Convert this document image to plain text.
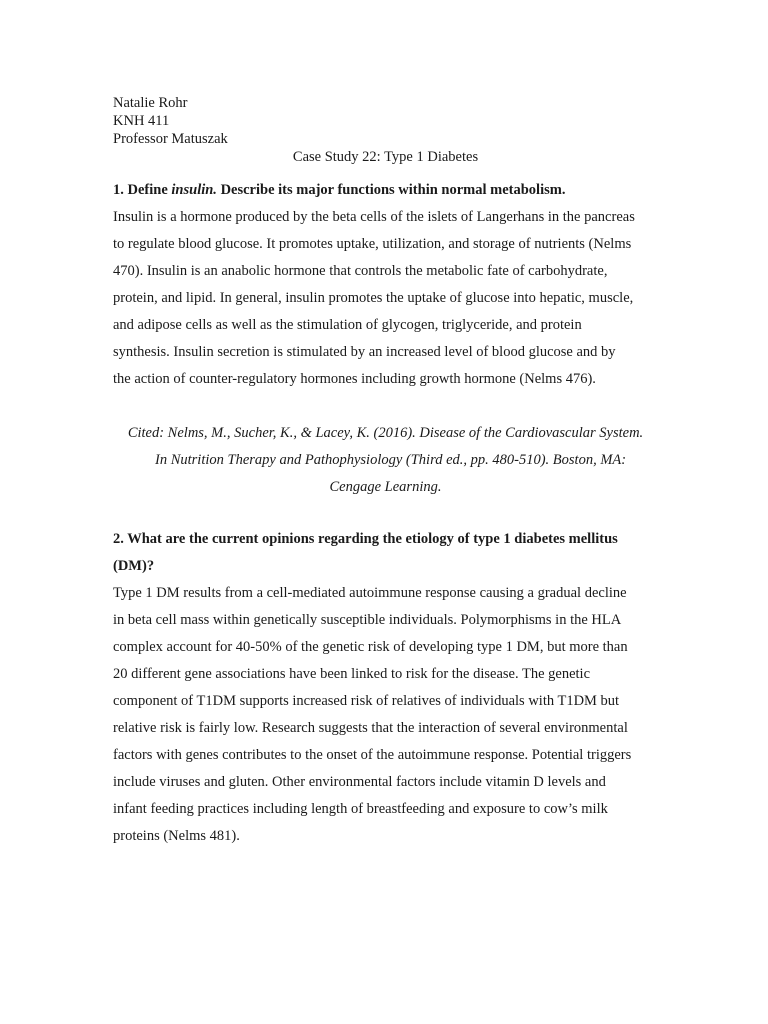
Natalie Rohr
KNH 411
Professor Matuszak
Case Study 22: Type 1 Diabetes
1. Define insulin. Describe its major functions within normal metabolism.
Insulin is a hormone produced by the beta cells of the islets of Langerhans in the pancreas
to regulate blood glucose. It promotes uptake, utilization, and storage of nutrients (Nelms
470). Insulin is an anabolic hormone that controls the metabolic fate of carbohydrate,
protein, and lipid. In general, insulin promotes the uptake of glucose into hepatic, muscle,
and adipose cells as well as the stimulation of glycogen, triglyceride, and protein
synthesis. Insulin secretion is stimulated by an increased level of blood glucose and by
the action of counter-regulatory hormones including growth hormone (Nelms 476).
Cited: Nelms, M., Sucher, K., & Lacey, K. (2016). Disease of the Cardiovascular System.
In Nutrition Therapy and Pathophysiology (Third ed., pp. 480-510). Boston, MA:
Cengage Learning.
2. What are the current opinions regarding the etiology of type 1 diabetes mellitus
(DM)?
Type 1 DM results from a cell-mediated autoimmune response causing a gradual decline
in beta cell mass within genetically susceptible individuals. Polymorphisms in the HLA
complex account for 40-50% of the genetic risk of developing type 1 DM, but more than
20 different gene associations have been linked to risk for the disease. The genetic
component of T1DM supports increased risk of relatives of individuals with T1DM but
relative risk is fairly low. Research suggests that the interaction of several environmental
factors with genes contributes to the onset of the autoimmune response. Potential triggers
include viruses and gluten. Other environmental factors include vitamin D levels and
infant feeding practices including length of breastfeeding and exposure to cow’s milk
proteins (Nelms 481).
